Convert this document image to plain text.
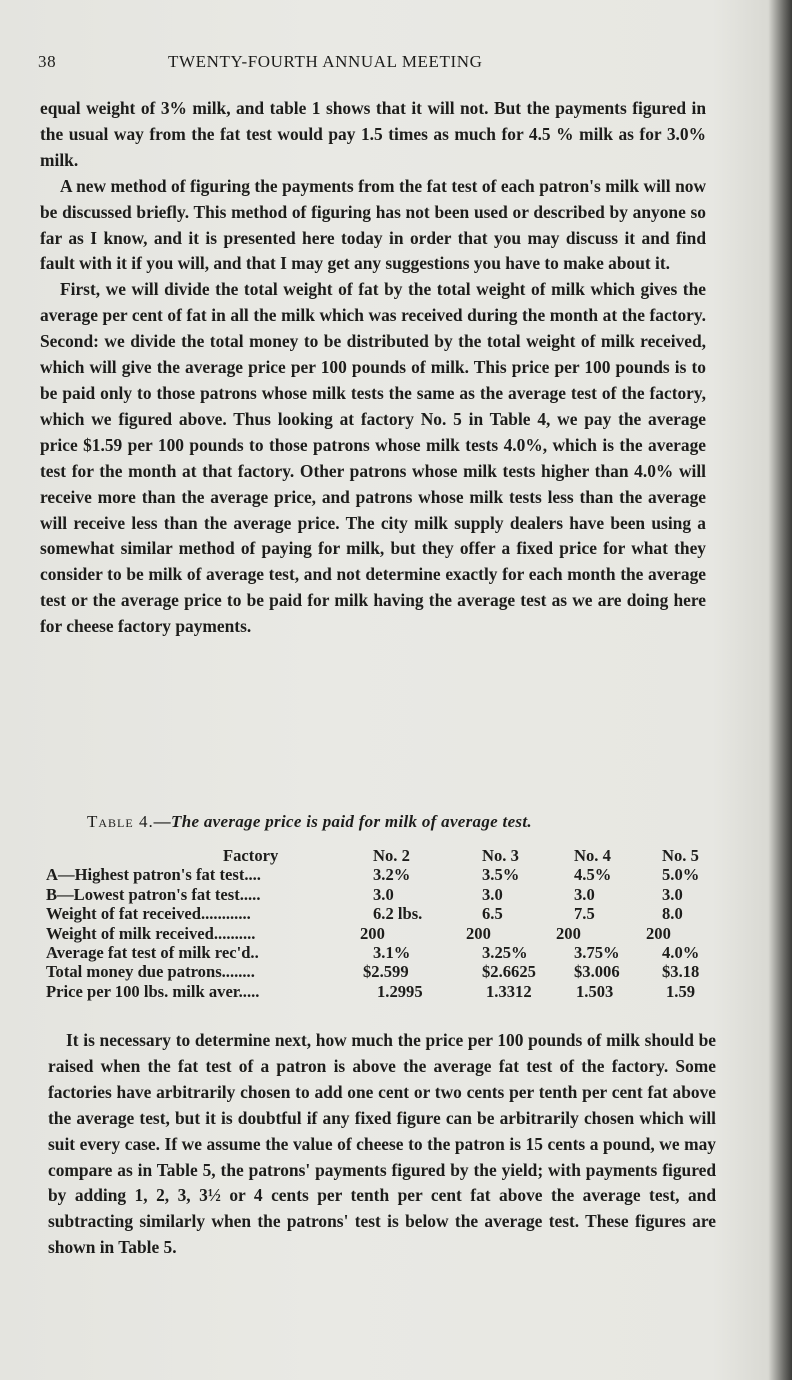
38	TWENTY-FOURTH ANNUAL MEETING

equal weight of 3% milk, and table 1 shows that it will not. But the payments figured in the usual way from the fat test would pay 1.5 times as much for 4.5 % milk as for 3.0% milk.

A new method of figuring the payments from the fat test of each patron's milk will now be discussed briefly. This method of figuring has not been used or described by anyone so far as I know, and it is presented here today in order that you may discuss it and find fault with it if you will, and that I may get any suggestions you have to make about it.

First, we will divide the total weight of fat by the total weight of milk which gives the average per cent of fat in all the milk which was received during the month at the factory. Second: we divide the total money to be distributed by the total weight of milk received, which will give the average price per 100 pounds of milk. This price per 100 pounds is to be paid only to those patrons whose milk tests the same as the average test of the factory, which we figured above. Thus looking at factory No. 5 in Table 4, we pay the average price $1.59 per 100 pounds to those patrons whose milk tests 4.0%, which is the average test for the month at that factory. Other patrons whose milk tests higher than 4.0% will receive more than the average price, and patrons whose milk tests less than the average will receive less than the average price. The city milk supply dealers have been using a somewhat similar method of paying for milk, but they offer a fixed price for what they consider to be milk of average test, and not determine exactly for each month the average test or the average price to be paid for milk having the average test as we are doing here for cheese factory payments.

Table 4.—The average price is paid for milk of average test.
Factory	No. 2	No. 3	No. 4	No. 5
A—Highest patron's fat test....	3.2%	3.5%	4.5%	5.0%
B—Lowest patron's fat test.....	3.0	3.0	3.0	3.0
Weight of fat received............	6.2 lbs.	6.5	7.5	8.0
Weight of milk received..........	200	200	200	200
Average fat test of milk rec'd..	3.1%	3.25%	3.75%	4.0%
Total money due patrons........	$2.599	$2.6625 $3.006	$3.18
Price per 100 lbs. milk aver.....	1.2995	1.3312	1.503	1.59

It is necessary to determine next, how much the price per 100 pounds of milk should be raised when the fat test of a patron is above the average fat test of the factory. Some factories have arbitrarily chosen to add one cent or two cents per tenth per cent fat above the average test, but it is doubtful if any fixed figure can be arbitrarily chosen which will suit every case. If we assume the value of cheese to the patron is 15 cents a pound, we may compare as in Table 5, the patrons' payments figured by the yield; with payments figured by adding 1, 2, 3, 3½ or 4 cents per tenth per cent fat above the average test, and subtracting similarly when the patrons' test is below the average test. These figures are shown in Table 5.
